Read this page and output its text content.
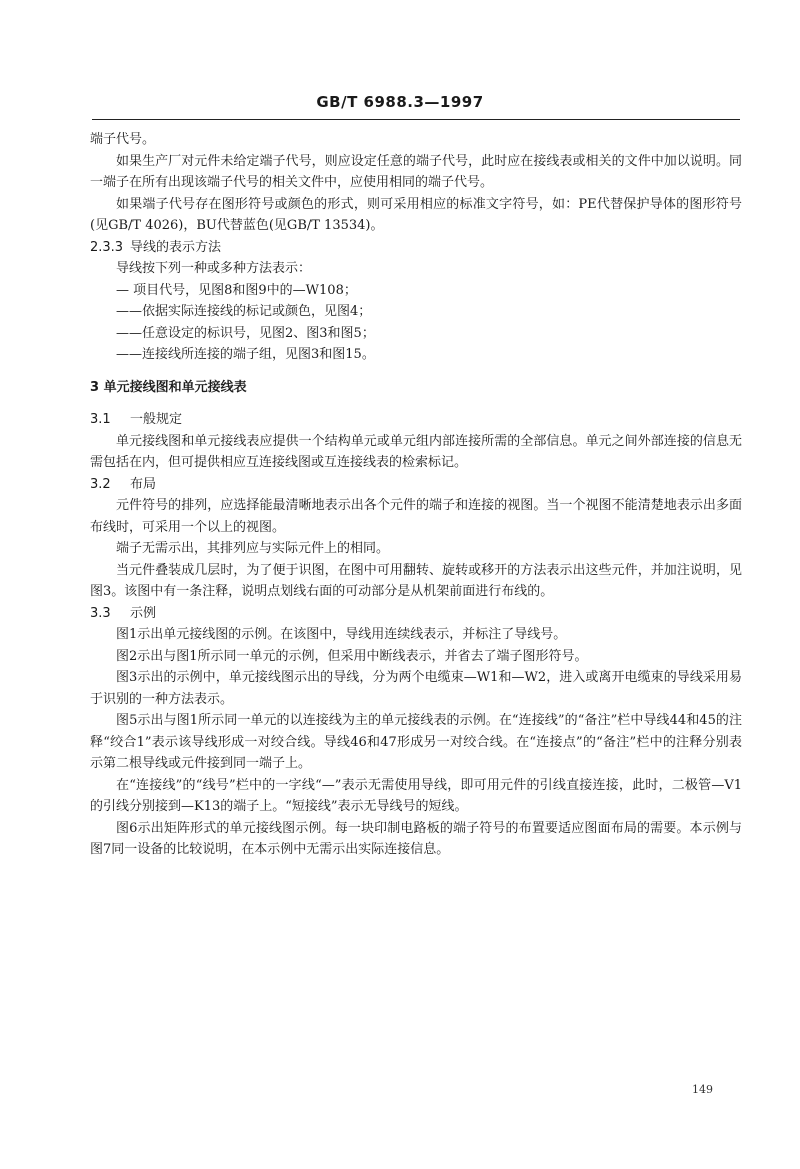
GB/T 6988.3—1997
端子代号。
如果生产厂对元件未给定端子代号，则应设定任意的端子代号，此时应在接线表或相关的文件中加以说明。同一端子在所有出现该端子代号的相关文件中，应使用相同的端子代号。
如果端子代号存在图形符号或颜色的形式，则可采用相应的标准文字符号，如：PE代替保护导体的图形符号(见GB/T 4026)，BU代替蓝色(见GB/T 13534)。
2.3.3 导线的表示方法
导线按下列一种或多种方法表示：
— 项目代号，见图8和图9中的—W108；
——依据实际连接线的标记或颜色，见图4；
——任意设定的标识号，见图2、图3和图5；
——连接线所连接的端子组，见图3和图15。
3 单元接线图和单元接线表
3.1 一般规定
单元接线图和单元接线表应提供一个结构单元或单元组内部连接所需的全部信息。单元之间外部连接的信息无需包括在内，但可提供相应互连接线图或互连接线表的检索标记。
3.2 布局
元件符号的排列，应选择能最清晰地表示出各个元件的端子和连接的视图。当一个视图不能清楚地表示出多面布线时，可采用一个以上的视图。
端子无需示出，其排列应与实际元件上的相同。
当元件叠装成几层时，为了便于识图，在图中可用翻转、旋转或移开的方法表示出这些元件，并加注说明，见图3。该图中有一条注释，说明点划线右面的可动部分是从机架前面进行布线的。
3.3 示例
图1示出单元接线图的示例。在该图中，导线用连续线表示，并标注了导线号。
图2示出与图1所示同一单元的示例，但采用中断线表示，并省去了端子图形符号。
图3示出的示例中，单元接线图示出的导线，分为两个电缆束—W1和—W2，进入或离开电缆束的导线采用易于识别的一种方法表示。
图5示出与图1所示同一单元的以连接线为主的单元接线表的示例。在“连接线”的“备注”栏中导线44和45的注释“绞合1”表示该导线形成一对绞合线。导线46和47形成另一对绞合线。在“连接点”的“备注”栏中的注释分别表示第二根导线或元件接到同一端子上。
在“连接线”的“线号”栏中的一字线“—”表示无需使用导线，即可用元件的引线直接连接，此时，二极管—V1的引线分别接到—K13的端子上。“短接线”表示无导线号的短线。
图6示出矩阵形式的单元接线图示例。每一块印制电路板的端子符号的布置要适应图面布局的需要。本示例与图7同一设备的比较说明，在本示例中无需示出实际连接信息。
149
